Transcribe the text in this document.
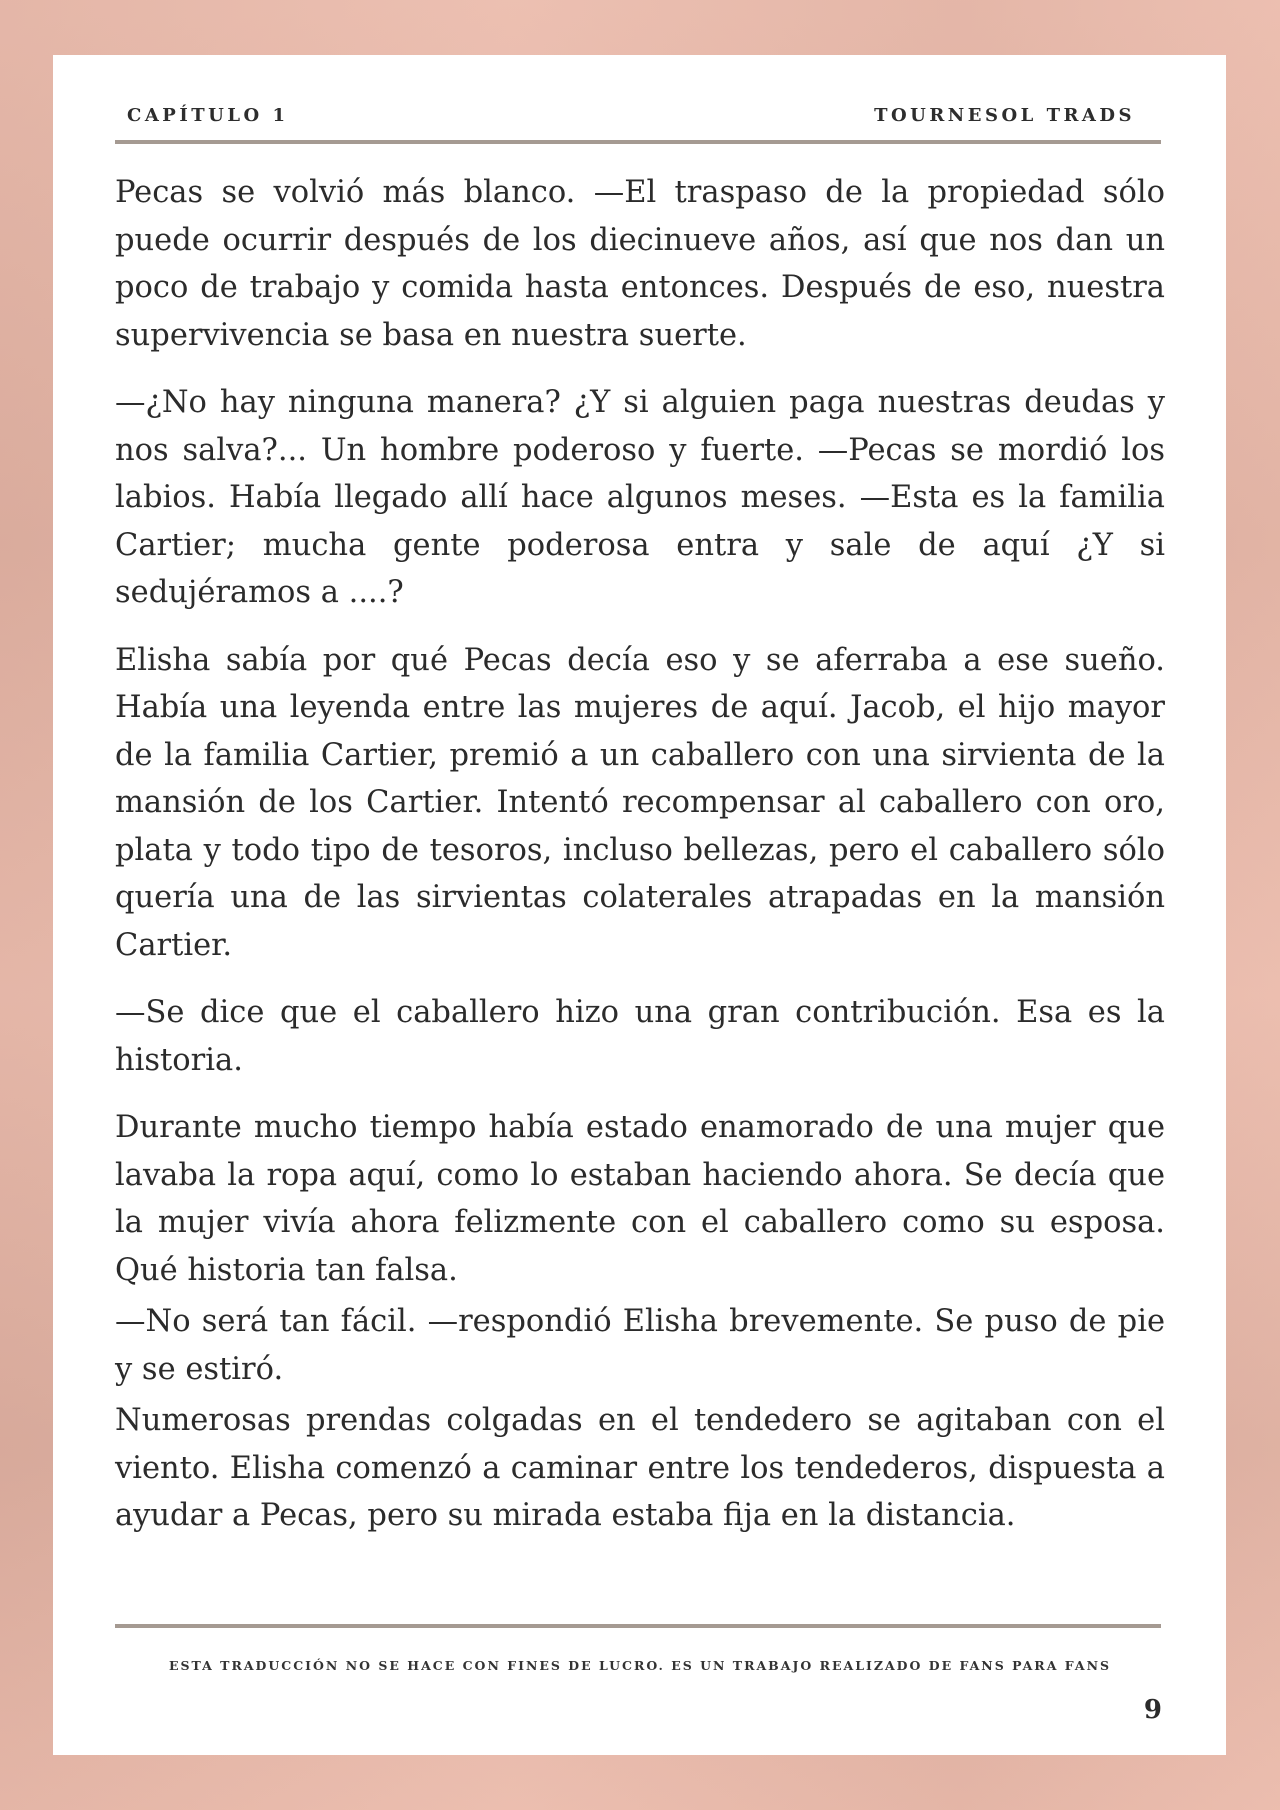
CAPÍTULO 1	TOURNESOL TRADS

Pecas se volvió más blanco. —El traspaso de la propiedad sólo puede ocurrir después de los diecinueve años, así que nos dan un poco de trabajo y comida hasta entonces. Después de eso, nuestra supervivencia se basa en nuestra suerte.

—¿No hay ninguna manera? ¿Y si alguien paga nuestras deudas y nos salva?... Un hombre poderoso y fuerte. —Pecas se mordió los labios. Había llegado allí hace algunos meses. —Esta es la familia Cartier; mucha gente poderosa entra y sale de aquí ¿Y si sedujéramos a ....?

Elisha sabía por qué Pecas decía eso y se aferraba a ese sueño. Había una leyenda entre las mujeres de aquí. Jacob, el hijo mayor de la familia Cartier, premió a un caballero con una sirvienta de la mansión de los Cartier. Intentó recompensar al caballero con oro, plata y todo tipo de tesoros, incluso bellezas, pero el caballero sólo quería una de las sirvientas colaterales atrapadas en la mansión Cartier.

—Se dice que el caballero hizo una gran contribución. Esa es la historia.

Durante mucho tiempo había estado enamorado de una mujer que lavaba la ropa aquí, como lo estaban haciendo ahora. Se decía que la mujer vivía ahora felizmente con el caballero como su esposa. Qué historia tan falsa.

—No será tan fácil. —respondió Elisha brevemente. Se puso de pie y se estiró.

Numerosas prendas colgadas en el tendedero se agitaban con el viento. Elisha comenzó a caminar entre los tendederos, dispuesta a ayudar a Pecas, pero su mirada estaba fija en la distancia.

ESTA TRADUCCIÓN NO SE HACE CON FINES DE LUCRO. ES UN TRABAJO REALIZADO DE FANS PARA FANS
9
